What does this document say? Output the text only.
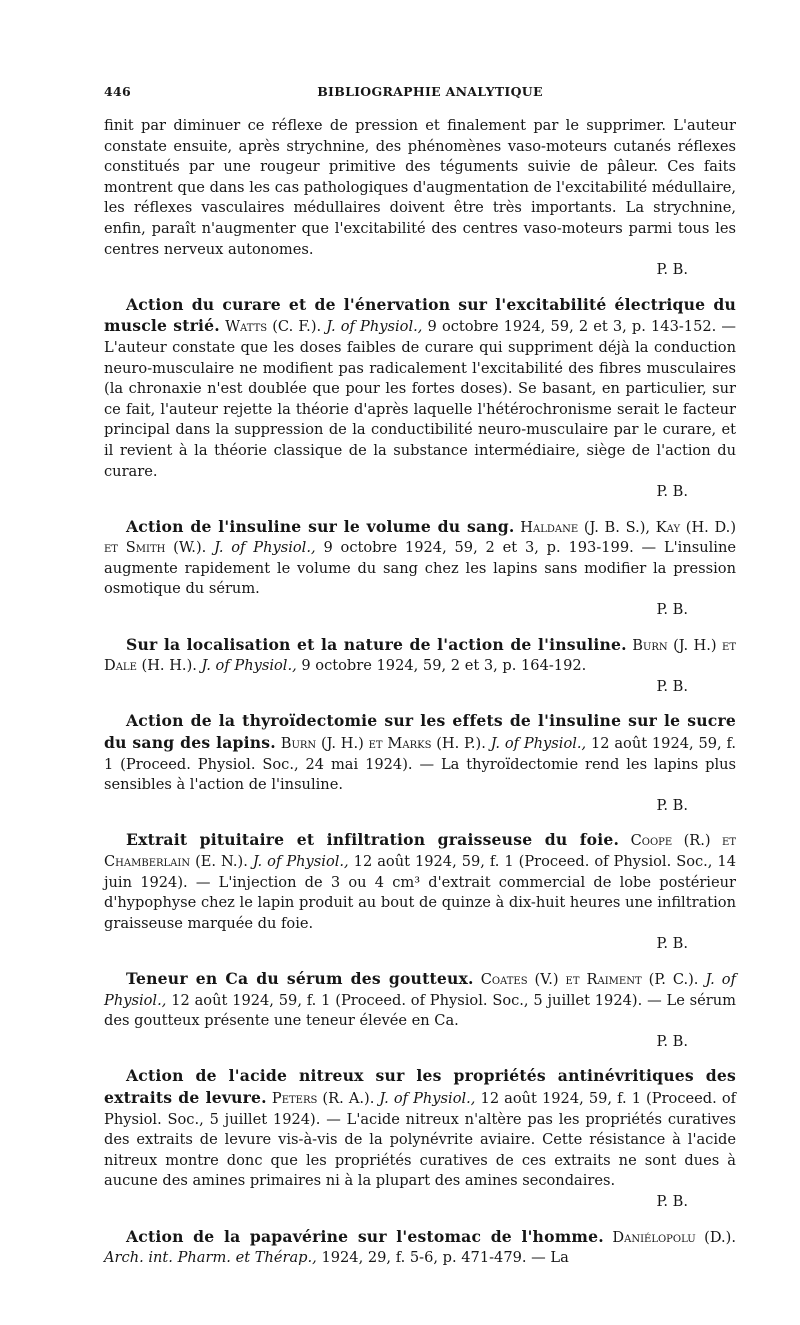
446	BIBLIOGRAPHIE ANALYTIQUE

finit par diminuer ce réflexe de pression et finalement par le supprimer. L'auteur constate ensuite, après strychnine, des phénomènes vaso-moteurs cutanés réflexes constitués par une rougeur primitive des téguments suivie de pâleur. Ces faits montrent que dans les cas pathologiques d'augmentation de l'excitabilité médullaire, les réflexes vasculaires médullaires doivent être très importants. La strychnine, enfin, paraît n'augmenter que l'excitabilité des centres vaso-moteurs parmi tous les centres nerveux autonomes.

P. B.

Action du curare et de l'énervation sur l'excitabilité électrique du muscle strié. Watts (C. F.). J. of Physiol., 9 octobre 1924, 59, 2 et 3, p. 143-152. — L'auteur constate que les doses faibles de curare qui suppriment déjà la conduction neuro-musculaire ne modifient pas radicalement l'excitabilité des fibres musculaires (la chronaxie n'est doublée que pour les fortes doses). Se basant, en particulier, sur ce fait, l'auteur rejette la théorie d'après laquelle l'hétérochronisme serait le facteur principal dans la suppression de la conductibilité neuro-musculaire par le curare, et il revient à la théorie classique de la substance intermédiaire, siège de l'action du curare.

P. B.

Action de l'insuline sur le volume du sang. Haldane (J. B. S.), Kay (H. D.) et Smith (W.). J. of Physiol., 9 octobre 1924, 59, 2 et 3, p. 193-199. — L'insuline augmente rapidement le volume du sang chez les lapins sans modifier la pression osmotique du sérum.

P. B.

Sur la localisation et la nature de l'action de l'insuline. Burn (J. H.) et Dale (H. H.). J. of Physiol., 9 octobre 1924, 59, 2 et 3, p. 164-192.

P. B.

Action de la thyroïdectomie sur les effets de l'insuline sur le sucre du sang des lapins. Burn (J. H.) et Marks (H. P.). J. of Physiol., 12 août 1924, 59, f. 1 (Proceed. Physiol. Soc., 24 mai 1924). — La thyroïdectomie rend les lapins plus sensibles à l'action de l'insuline.

P. B.

Extrait pituitaire et infiltration graisseuse du foie. Coope (R.) et Chamberlain (E. N.). J. of Physiol., 12 août 1924, 59, f. 1 (Proceed. of Physiol. Soc., 14 juin 1924). — L'injection de 3 ou 4 cm³ d'extrait commercial de lobe postérieur d'hypophyse chez le lapin produit au bout de quinze à dix-huit heures une infiltration graisseuse marquée du foie.

P. B.

Teneur en Ca du sérum des goutteux. Coates (V.) et Raiment (P. C.). J. of Physiol., 12 août 1924, 59, f. 1 (Proceed. of Physiol. Soc., 5 juillet 1924). — Le sérum des goutteux présente une teneur élevée en Ca.

P. B.

Action de l'acide nitreux sur les propriétés antinévritiques des extraits de levure. Peters (R. A.). J. of Physiol., 12 août 1924, 59, f. 1 (Proceed. of Physiol. Soc., 5 juillet 1924). — L'acide nitreux n'altère pas les propriétés curatives des extraits de levure vis-à-vis de la polynévrite aviaire. Cette résistance à l'acide nitreux montre donc que les propriétés curatives de ces extraits ne sont dues à aucune des amines primaires ni à la plupart des amines secondaires.

P. B.

Action de la papavérine sur l'estomac de l'homme. Daniélopolu (D.). Arch. int. Pharm. et Thérap., 1924, 29, f. 5-6, p. 471-479. — La
